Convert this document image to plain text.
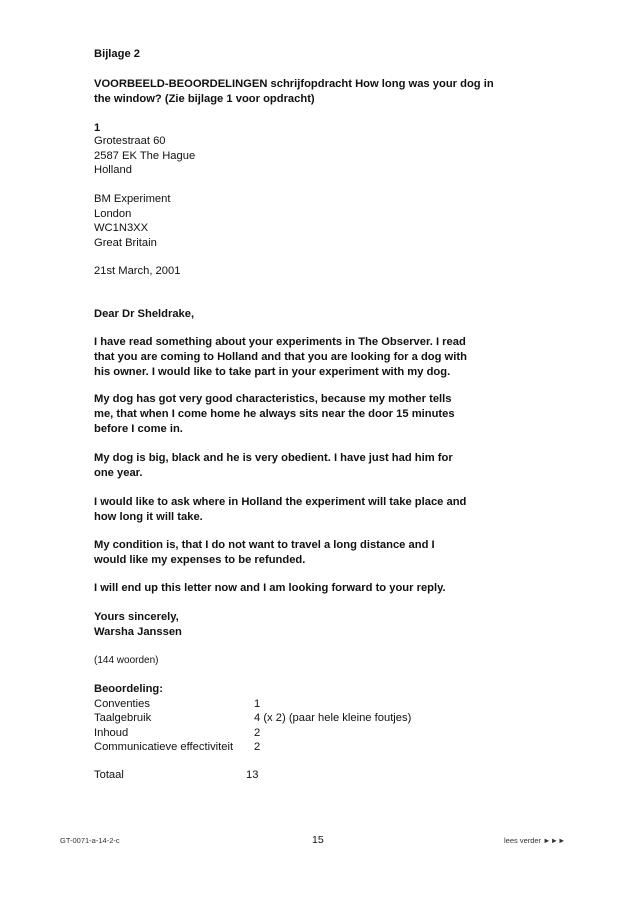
Bijlage 2
VOORBEELD-BEOORDELINGEN schrijfopdracht How long was your dog in
the window? (Zie bijlage 1 voor opdracht)
1
Grotestraat 60
2587 EK The Hague
Holland
BM Experiment
London
WC1N3XX
Great Britain
21st March, 2001
Dear Dr Sheldrake,
I have read something about your experiments in The Observer. I read
that you are coming to Holland and that you are looking for a dog with
his owner. I would like to take part in your experiment with my dog.
My dog has got very good characteristics, because my mother tells
me, that when I come home he always sits near the door 15 minutes
before I come in.
My dog is big, black and he is very obedient. I have just had him for
one year.
I would like to ask where in Holland the experiment will take place and
how long it will take.
My condition is, that I do not want to travel a long distance and I
would like my expenses to be refunded.
I will end up this letter now and I am looking forward to your reply.
Yours sincerely,
Warsha Janssen
(144 woorden)
Beoordeling:
Conventies	1
Taalgebruik	4 (x 2) (paar hele kleine foutjes)
Inhoud	2
Communicatieve effectiviteit	2
Totaal	13
GT-0071-a-14-2-c	15	lees verder ►►►
